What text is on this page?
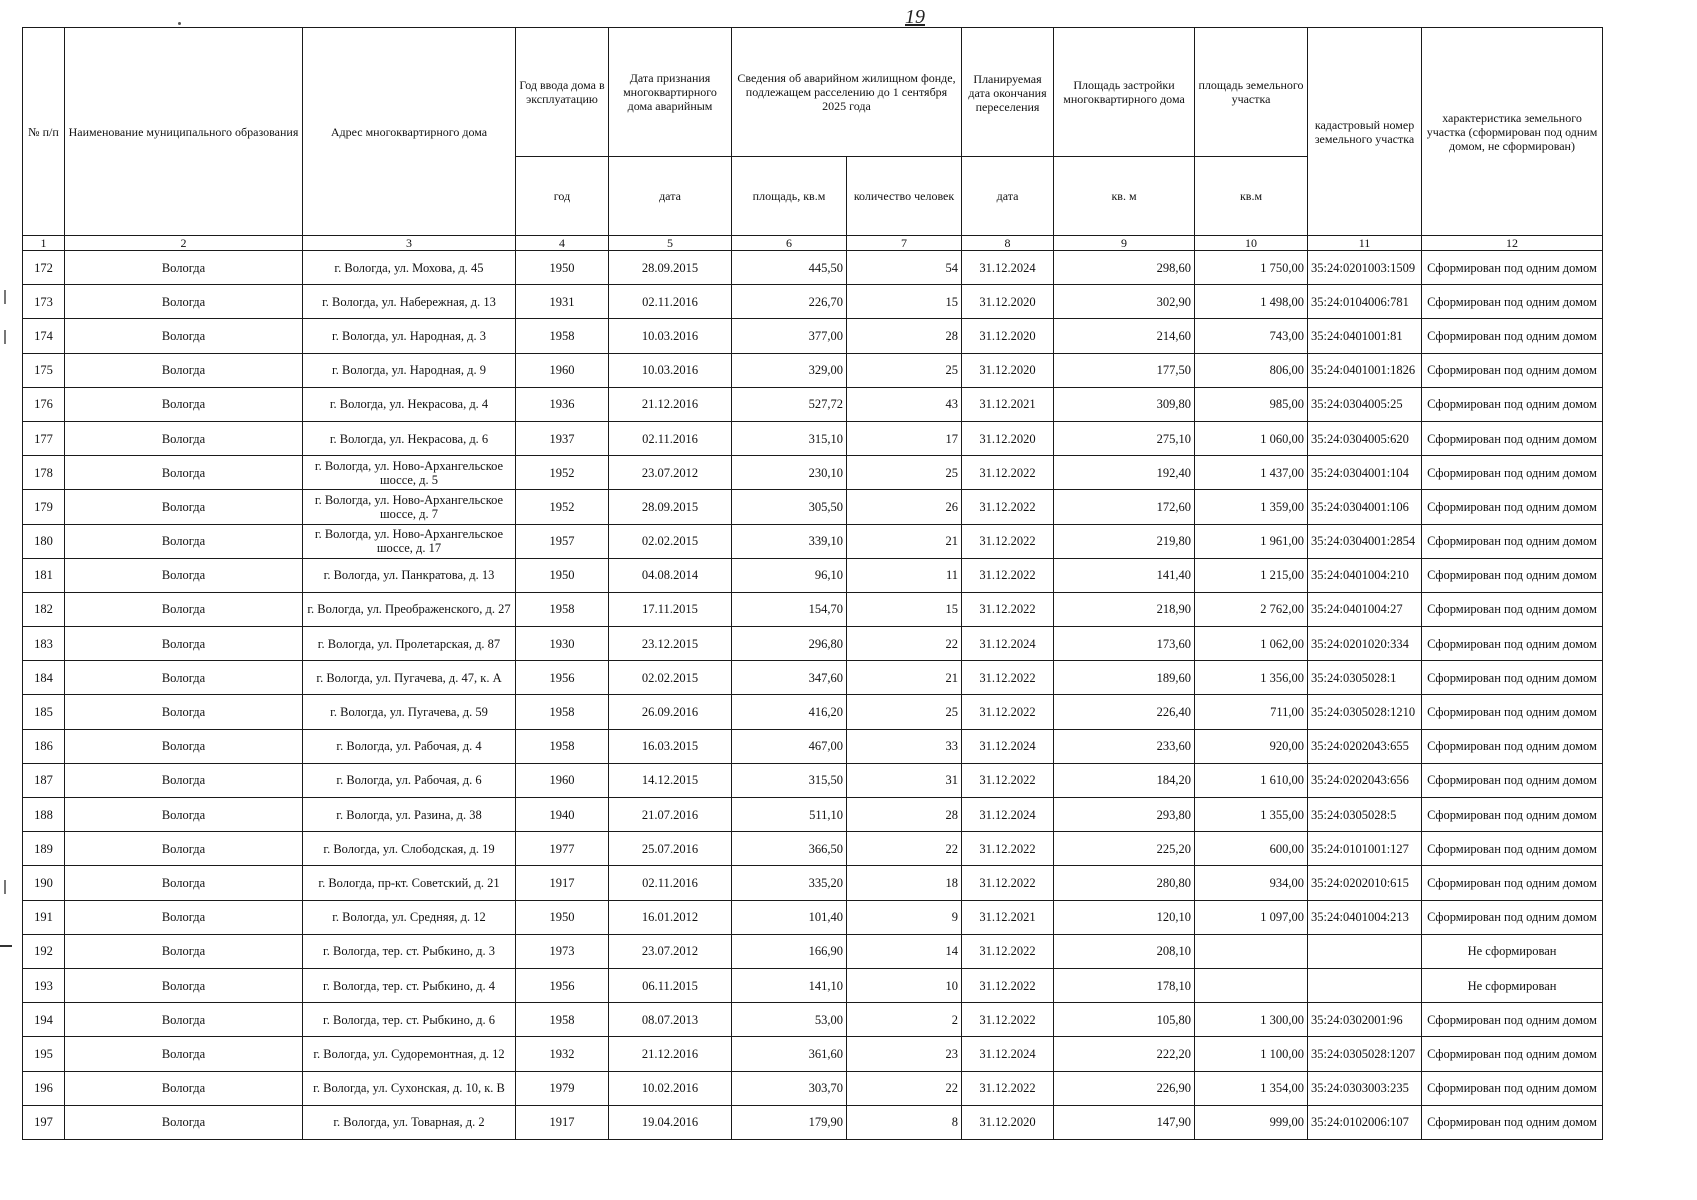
19
№ п/п	Наименование муниципального образования	Адрес многоквартирного дома	Год ввода дома в эксплуатацию	Дата признания многоквартирного дома аварийным	Сведения об аварийном жилищном фонде, подлежащем расселению до 1 сентября 2025 года		Планируемая дата окончания переселения	Площадь застройки многоквартирного дома	площадь земельного участка	кадастровый номер земельного участка	характеристика земельного участка (сформирован под одним домом, не сформирован)
			год	дата	площадь, кв.м	количество человек	дата	кв. м	кв.м		
1	2	3	4	5	6	7	8	9	10	11	12
172	Вологда	г. Вологда, ул. Мохова, д. 45	1950	28.09.2015	445,50	54	31.12.2024	298,60	1 750,00	35:24:0201003:1509	Сформирован под одним домом
173	Вологда	г. Вологда, ул. Набережная, д. 13	1931	02.11.2016	226,70	15	31.12.2020	302,90	1 498,00	35:24:0104006:781	Сформирован под одним домом
174	Вологда	г. Вологда, ул. Народная, д. 3	1958	10.03.2016	377,00	28	31.12.2020	214,60	743,00	35:24:0401001:81	Сформирован под одним домом
175	Вологда	г. Вологда, ул. Народная, д. 9	1960	10.03.2016	329,00	25	31.12.2020	177,50	806,00	35:24:0401001:1826	Сформирован под одним домом
176	Вологда	г. Вологда, ул. Некрасова, д. 4	1936	21.12.2016	527,72	43	31.12.2021	309,80	985,00	35:24:0304005:25	Сформирован под одним домом
177	Вологда	г. Вологда, ул. Некрасова, д. 6	1937	02.11.2016	315,10	17	31.12.2020	275,10	1 060,00	35:24:0304005:620	Сформирован под одним домом
178	Вологда	г. Вологда, ул. Ново-Архангельское шоссе, д. 5	1952	23.07.2012	230,10	25	31.12.2022	192,40	1 437,00	35:24:0304001:104	Сформирован под одним домом
179	Вологда	г. Вологда, ул. Ново-Архангельское шоссе, д. 7	1952	28.09.2015	305,50	26	31.12.2022	172,60	1 359,00	35:24:0304001:106	Сформирован под одним домом
180	Вологда	г. Вологда, ул. Ново-Архангельское шоссе, д. 17	1957	02.02.2015	339,10	21	31.12.2022	219,80	1 961,00	35:24:0304001:2854	Сформирован под одним домом
181	Вологда	г. Вологда, ул. Панкратова, д. 13	1950	04.08.2014	96,10	11	31.12.2022	141,40	1 215,00	35:24:0401004:210	Сформирован под одним домом
182	Вологда	г. Вологда, ул. Преображенского, д. 27	1958	17.11.2015	154,70	15	31.12.2022	218,90	2 762,00	35:24:0401004:27	Сформирован под одним домом
183	Вологда	г. Вологда, ул. Пролетарская, д. 87	1930	23.12.2015	296,80	22	31.12.2024	173,60	1 062,00	35:24:0201020:334	Сформирован под одним домом
184	Вологда	г. Вологда, ул. Пугачева, д. 47, к. А	1956	02.02.2015	347,60	21	31.12.2022	189,60	1 356,00	35:24:0305028:1	Сформирован под одним домом
185	Вологда	г. Вологда, ул. Пугачева, д. 59	1958	26.09.2016	416,20	25	31.12.2022	226,40	711,00	35:24:0305028:1210	Сформирован под одним домом
186	Вологда	г. Вологда, ул. Рабочая, д. 4	1958	16.03.2015	467,00	33	31.12.2024	233,60	920,00	35:24:0202043:655	Сформирован под одним домом
187	Вологда	г. Вологда, ул. Рабочая, д. 6	1960	14.12.2015	315,50	31	31.12.2022	184,20	1 610,00	35:24:0202043:656	Сформирован под одним домом
188	Вологда	г. Вологда, ул. Разина, д. 38	1940	21.07.2016	511,10	28	31.12.2024	293,80	1 355,00	35:24:0305028:5	Сформирован под одним домом
189	Вологда	г. Вологда, ул. Слободская, д. 19	1977	25.07.2016	366,50	22	31.12.2022	225,20	600,00	35:24:0101001:127	Сформирован под одним домом
190	Вологда	г. Вологда, пр-кт. Советский, д. 21	1917	02.11.2016	335,20	18	31.12.2022	280,80	934,00	35:24:0202010:615	Сформирован под одним домом
191	Вологда	г. Вологда, ул. Средняя, д. 12	1950	16.01.2012	101,40	9	31.12.2021	120,10	1 097,00	35:24:0401004:213	Сформирован под одним домом
192	Вологда	г. Вологда, тер. ст. Рыбкино, д. 3	1973	23.07.2012	166,90	14	31.12.2022	208,10			Не сформирован
193	Вологда	г. Вологда, тер. ст. Рыбкино, д. 4	1956	06.11.2015	141,10	10	31.12.2022	178,10			Не сформирован
194	Вологда	г. Вологда, тер. ст. Рыбкино, д. 6	1958	08.07.2013	53,00	2	31.12.2022	105,80	1 300,00	35:24:0302001:96	Сформирован под одним домом
195	Вологда	г. Вологда, ул. Судоремонтная, д. 12	1932	21.12.2016	361,60	23	31.12.2024	222,20	1 100,00	35:24:0305028:1207	Сформирован под одним домом
196	Вологда	г. Вологда, ул. Сухонская, д. 10, к. В	1979	10.02.2016	303,70	22	31.12.2022	226,90	1 354,00	35:24:0303003:235	Сформирован под одним домом
197	Вологда	г. Вологда, ул. Товарная, д. 2	1917	19.04.2016	179,90	8	31.12.2020	147,90	999,00	35:24:0102006:107	Сформирован под одним домом
